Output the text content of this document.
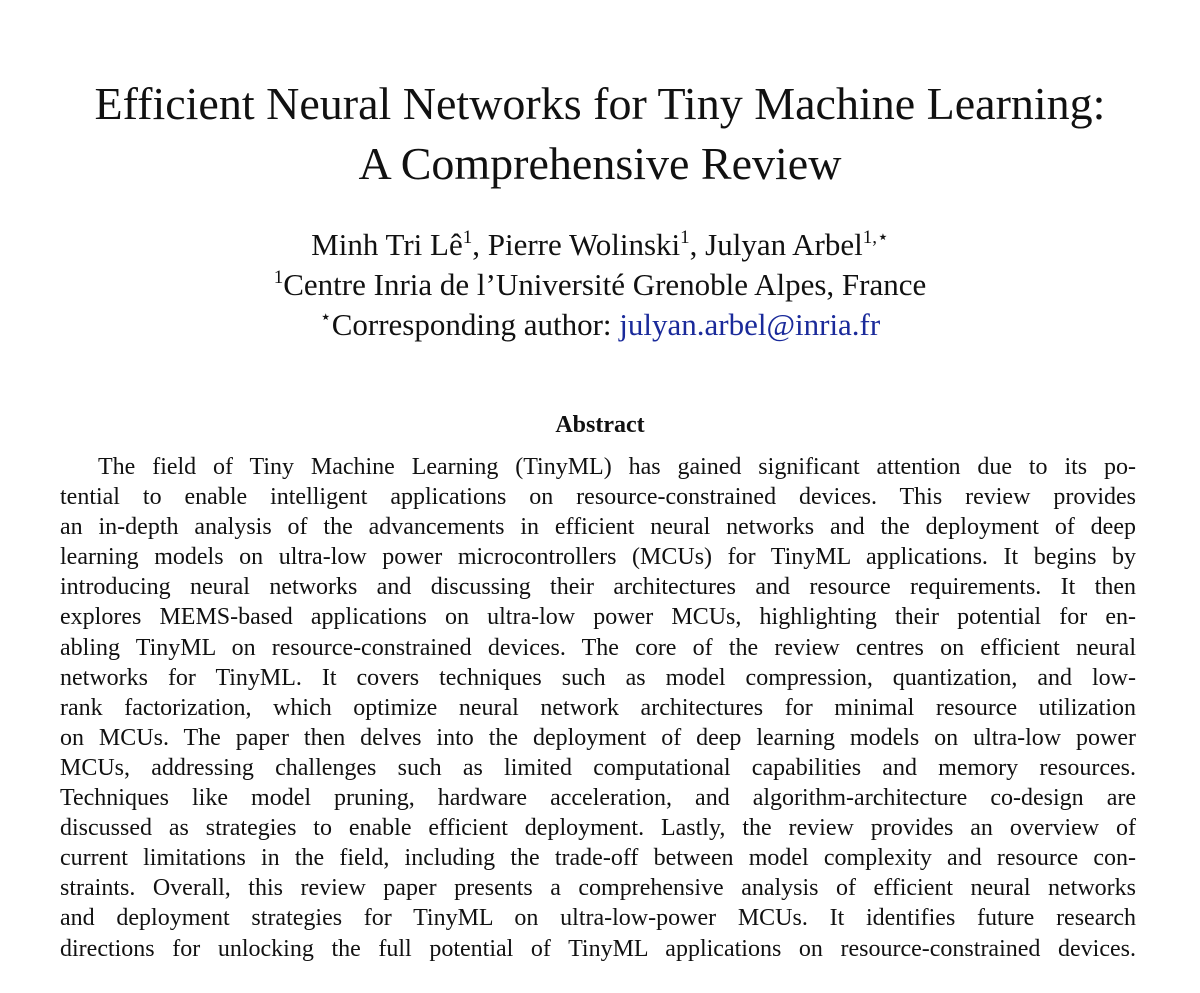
Efficient Neural Networks for Tiny Machine Learning:
A Comprehensive Review
Minh Tri $Lê^1$, Pierre Wolinski$^1$, Julyan Arbel$^{1,⋆}$
$^1$Centre Inria de l’Université Grenoble Alpes, France
⋆Corresponding author: julyan.arbel@inria.fr
Abstract
The field of Tiny Machine Learning (TinyML) has gained significant attention due to its po-
tential to enable intelligent applications on resource-constrained devices. This review provides
an in-depth analysis of the advancements in efficient neural networks and the deployment of deep
learning models on ultra-low power microcontrollers (MCUs) for TinyML applications. It begins by
introducing neural networks and discussing their architectures and resource requirements. It then
explores MEMS-based applications on ultra-low power MCUs, highlighting their potential for en-
abling TinyML on resource-constrained devices. The core of the review centres on efficient neural
networks for TinyML. It covers techniques such as model compression, quantization, and low-
rank factorization, which optimize neural network architectures for minimal resource utilization
on MCUs. The paper then delves into the deployment of deep learning models on ultra-low power
MCUs, addressing challenges such as limited computational capabilities and memory resources.
Techniques like model pruning, hardware acceleration, and algorithm-architecture co-design are
discussed as strategies to enable efficient deployment. Lastly, the review provides an overview of
current limitations in the field, including the trade-off between model complexity and resource con-
straints. Overall, this review paper presents a comprehensive analysis of efficient neural networks
and deployment strategies for TinyML on ultra-low-power MCUs. It identifies future research
directions for unlocking the full potential of TinyML applications on resource-constrained devices.
